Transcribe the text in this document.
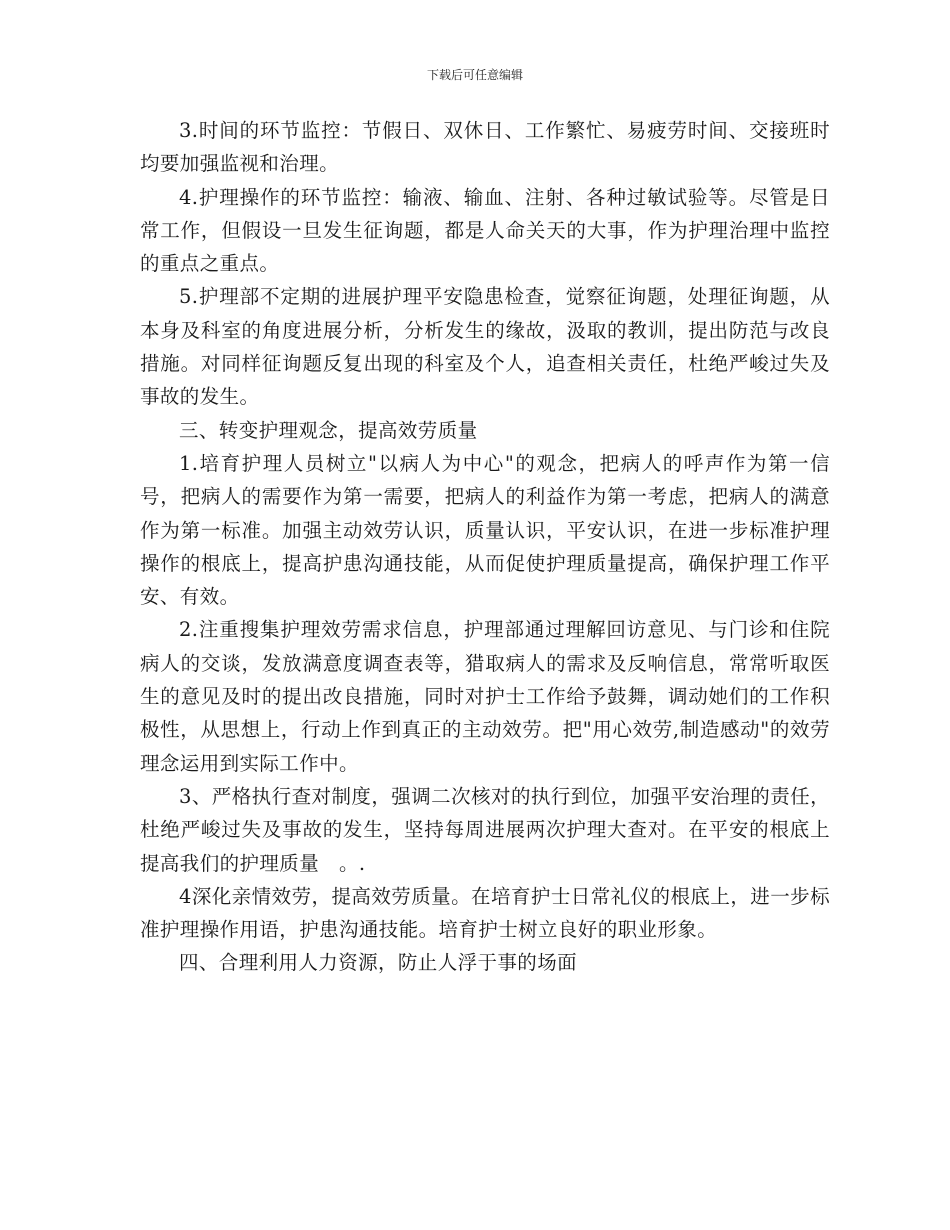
下载后可任意编辑

3.时间的环节监控：节假日、双休日、工作繁忙、易疲劳时间、交接班时均要加强监视和治理。

4.护理操作的环节监控：输液、输血、注射、各种过敏试验等。尽管是日常工作，但假设一旦发生征询题，都是人命关天的大事，作为护理治理中监控的重点之重点。

5.护理部不定期的进展护理平安隐患检查，觉察征询题，处理征询题，从本身及科室的角度进展分析，分析发生的缘故，汲取的教训，提出防范与改良措施。对同样征询题反复出现的科室及个人，追查相关责任，杜绝严峻过失及事故的发生。

三、转变护理观念，提高效劳质量

1.培育护理人员树立"以病人为中心"的观念，把病人的呼声作为第一信号，把病人的需要作为第一需要，把病人的利益作为第一考虑，把病人的满意作为第一标准。加强主动效劳认识，质量认识，平安认识，在进一步标准护理操作的根底上，提高护患沟通技能，从而促使护理质量提高，确保护理工作平安、有效。

2.注重搜集护理效劳需求信息，护理部通过理解回访意见、与门诊和住院病人的交谈，发放满意度调查表等，猎取病人的需求及反响信息，常常听取医生的意见及时的提出改良措施，同时对护士工作给予鼓舞，调动她们的工作积极性，从思想上，行动上作到真正的主动效劳。把"用心效劳,制造感动"的效劳理念运用到实际工作中。

3、严格执行查对制度，强调二次核对的执行到位，加强平安治理的责任，杜绝严峻过失及事故的发生，坚持每周进展两次护理大查对。在平安的根底上提高我们的护理质量　。.

4深化亲情效劳，提高效劳质量。在培育护士日常礼仪的根底上，进一步标准护理操作用语，护患沟通技能。培育护士树立良好的职业形象。

四、合理利用人力资源，防止人浮于事的场面
